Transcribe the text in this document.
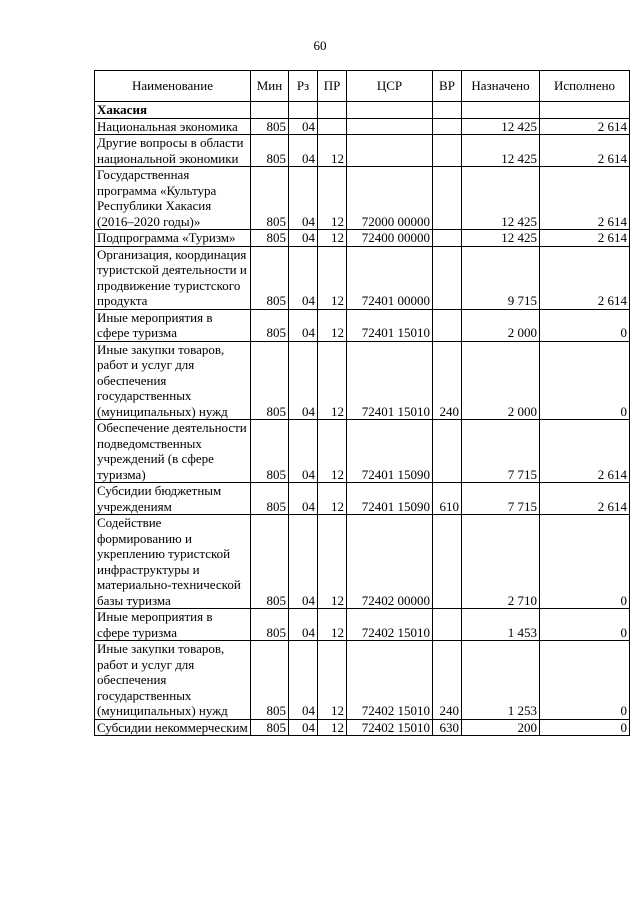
60
Наименование	Мин	Рз	ПР	ЦСР	ВР	Назначено	Исполнено
Хакасия							
Национальная экономика	805	04				12 425	2 614
Другие вопросы в области национальной экономики	805	04	12			12 425	2 614
Государственная программа «Культура Республики Хакасия (2016–2020 годы)»	805	04	12	72000 00000		12 425	2 614
Подпрограмма «Туризм»	805	04	12	72400 00000		12 425	2 614
Организация, координация туристской деятельности и продвижение туристского продукта	805	04	12	72401 00000		9 715	2 614
Иные мероприятия в сфере туризма	805	04	12	72401 15010		2 000	0
Иные закупки товаров, работ и услуг для обеспечения государственных (муниципальных) нужд	805	04	12	72401 15010	240	2 000	0
Обеспечение деятельности подведомственных учреждений (в сфере туризма)	805	04	12	72401 15090		7 715	2 614
Субсидии бюджетным учреждениям	805	04	12	72401 15090	610	7 715	2 614
Содействие формированию и укреплению туристской инфраструктуры и материально-технической базы туризма	805	04	12	72402 00000		2 710	0
Иные мероприятия в сфере туризма	805	04	12	72402 15010		1 453	0
Иные закупки товаров, работ и услуг для обеспечения государственных (муниципальных) нужд	805	04	12	72402 15010	240	1 253	0
Субсидии некоммерческим	805	04	12	72402 15010	630	200	0
